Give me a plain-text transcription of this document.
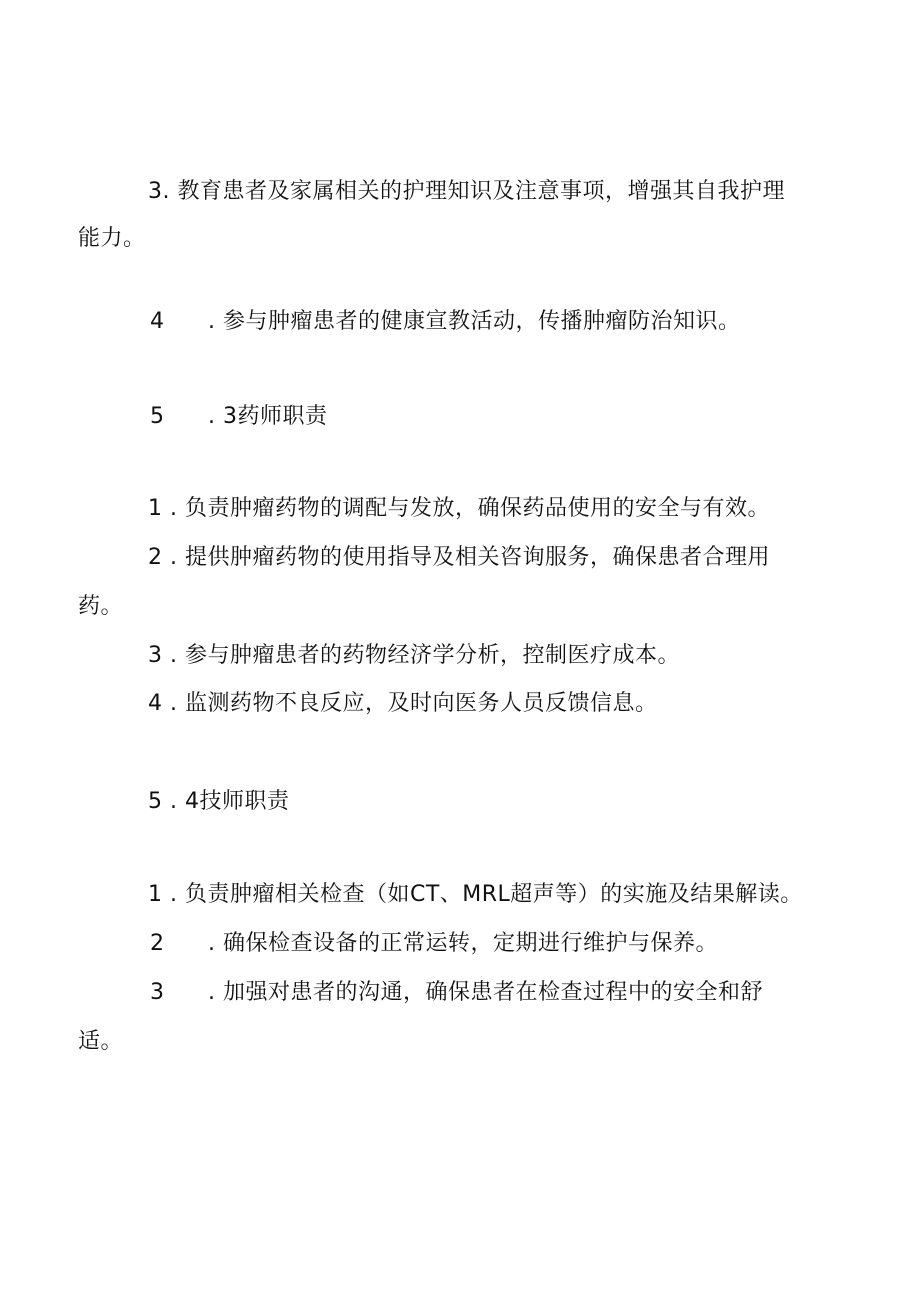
3. 教育患者及家属相关的护理知识及注意事项，增强其自我护理
能力。
4 . 参与肿瘤患者的健康宣教活动，传播肿瘤防治知识。
5 . 3药师职责
1 . 负责肿瘤药物的调配与发放，确保药品使用的安全与有效。
2 . 提供肿瘤药物的使用指导及相关咨询服务，确保患者合理用
药。
3 . 参与肿瘤患者的药物经济学分析，控制医疗成本。
4 . 监测药物不良反应，及时向医务人员反馈信息。
5 . 4技师职责
1 . 负责肿瘤相关检查（如CT、MRL超声等）的实施及结果解读。
2 . 确保检查设备的正常运转，定期进行维护与保养。
3 . 加强对患者的沟通，确保患者在检查过程中的安全和舒
适。
